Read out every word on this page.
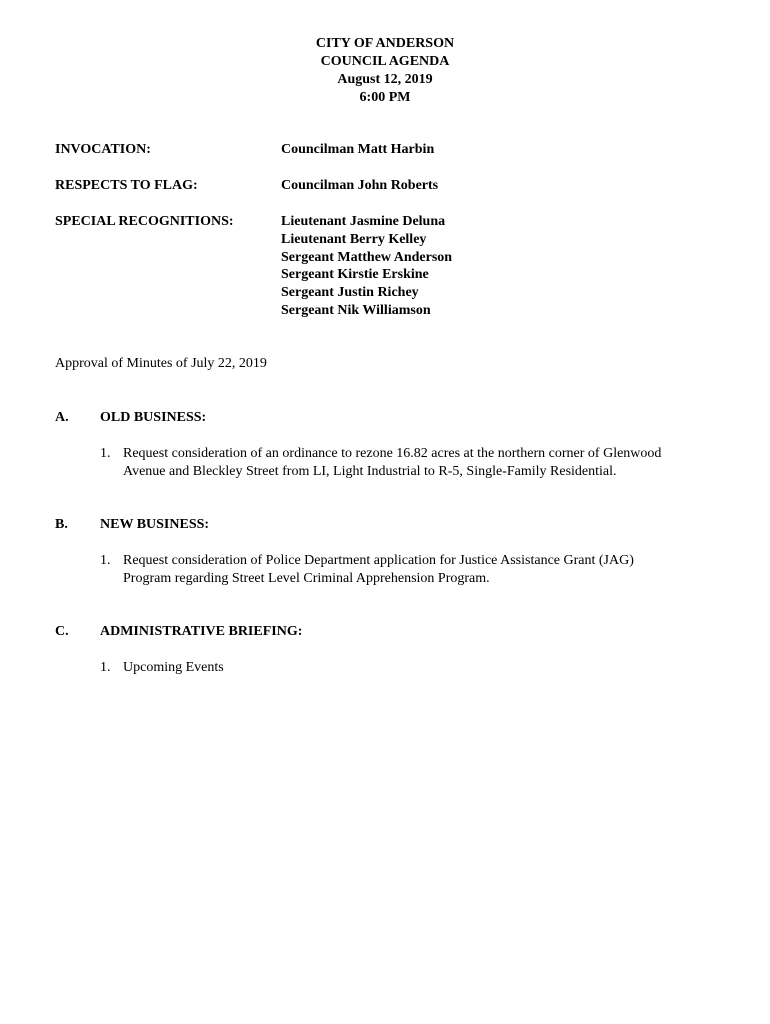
CITY OF ANDERSON
COUNCIL AGENDA
August 12, 2019
6:00 PM
INVOCATION:	Councilman Matt Harbin
RESPECTS TO FLAG:	Councilman John Roberts
SPECIAL RECOGNITIONS:	Lieutenant Jasmine Deluna
Lieutenant Berry Kelley
Sergeant Matthew Anderson
Sergeant Kirstie Erskine
Sergeant Justin Richey
Sergeant Nik Williamson
Approval of Minutes of July 22, 2019
A. OLD BUSINESS:
1. Request consideration of an ordinance to rezone 16.82 acres at the northern corner of Glenwood
Avenue and Bleckley Street from LI, Light Industrial to R-5, Single-Family Residential.
B. NEW BUSINESS:
1. Request consideration of Police Department application for Justice Assistance Grant (JAG)
Program regarding Street Level Criminal Apprehension Program.
C. ADMINISTRATIVE BRIEFING:
1. Upcoming Events
